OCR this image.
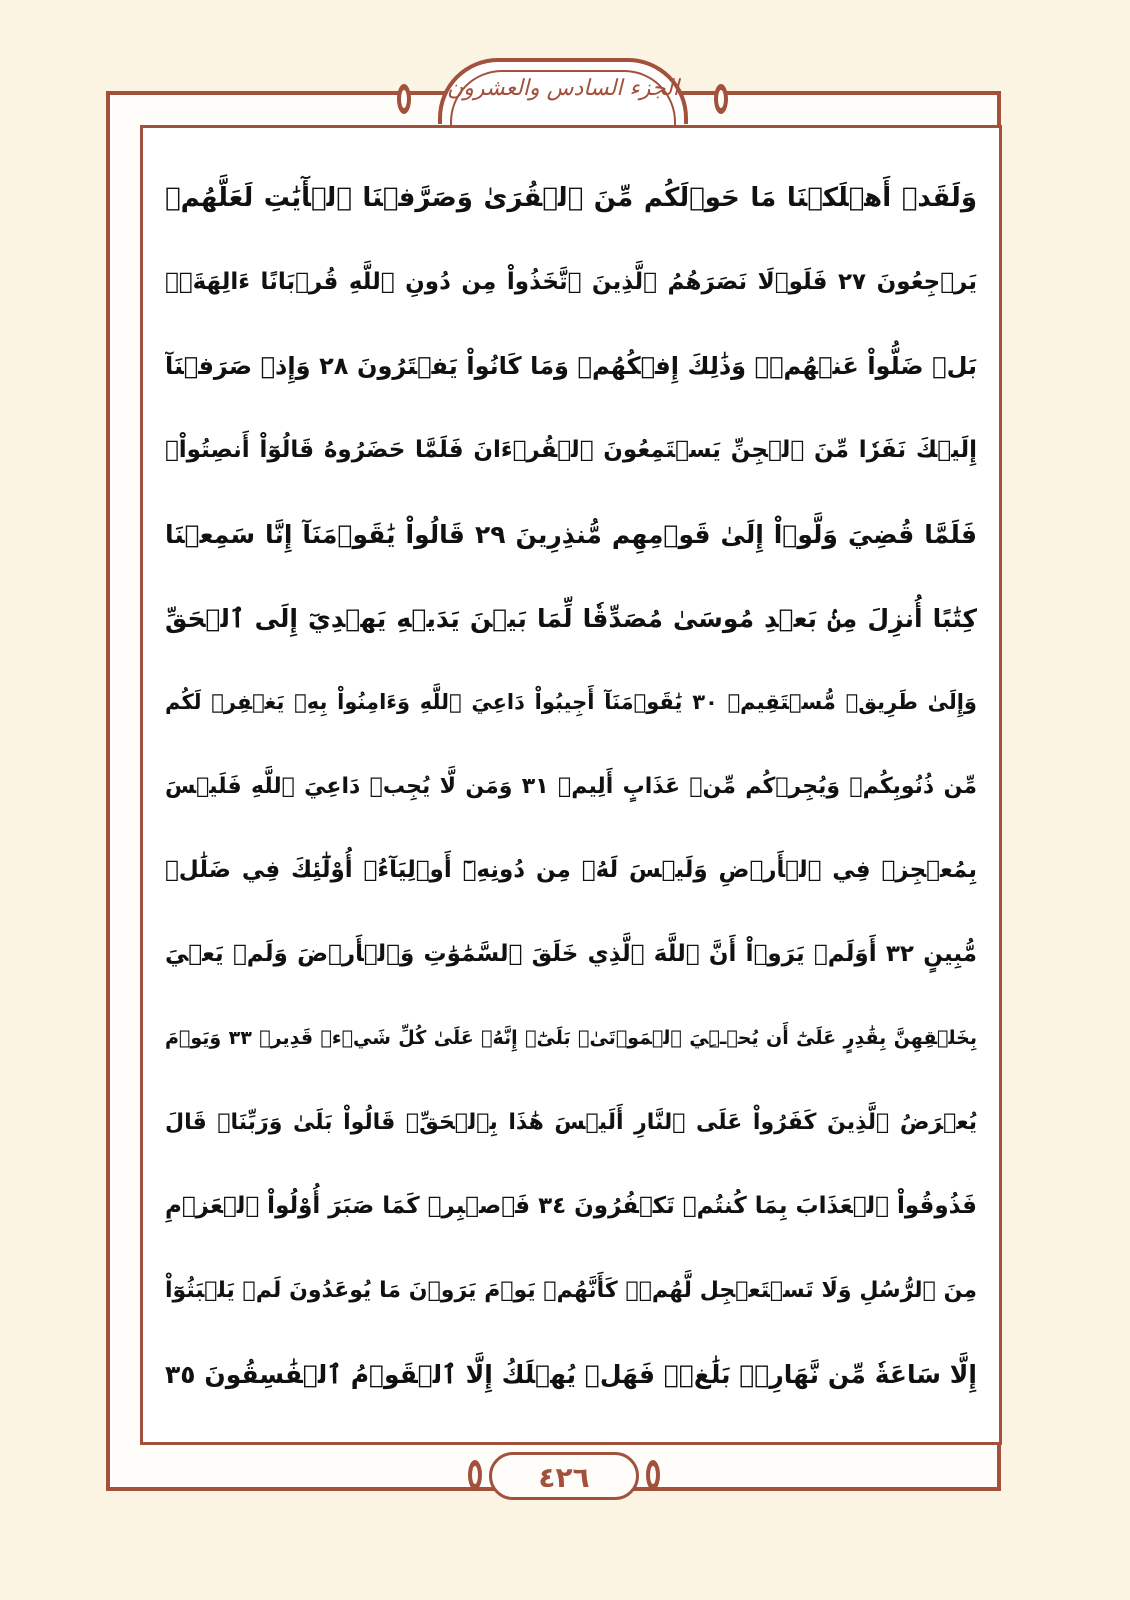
الجزء السادس والعشرون
وَلَقَدۡ أَهۡلَكۡنَا مَا حَوۡلَكُم مِّنَ ٱلۡقُرَىٰ وَصَرَّفۡنَا ٱلۡأٓيَٰتِ لَعَلَّهُمۡ
يَرۡجِعُونَ ٢٧ فَلَوۡلَا نَصَرَهُمُ ٱلَّذِينَ ٱتَّخَذُواْ مِن دُونِ ٱللَّهِ قُرۡبَانًا ءَالِهَةَۢۖ
بَلۡ ضَلُّواْ عَنۡهُمۡۚ وَذَٰلِكَ إِفۡكُهُمۡ وَمَا كَانُواْ يَفۡتَرُونَ ٢٨ وَإِذۡ صَرَفۡنَآ
إِلَيۡكَ نَفَرٗا مِّنَ ٱلۡجِنِّ يَسۡتَمِعُونَ ٱلۡقُرۡءَانَ فَلَمَّا حَضَرُوهُ قَالُوٓاْ أَنصِتُواْۖ
فَلَمَّا قُضِيَ وَلَّوۡاْ إِلَىٰ قَوۡمِهِم مُّنذِرِينَ ٢٩ قَالُواْ يَٰقَوۡمَنَآ إِنَّا سَمِعۡنَا
كِتَٰبًا أُنزِلَ مِنۢ بَعۡدِ مُوسَىٰ مُصَدِّقٗا لِّمَا بَيۡنَ يَدَيۡهِ يَهۡدِيٓ إِلَى ٱلۡحَقِّ
وَإِلَىٰ طَرِيقٖ مُّسۡتَقِيمٖ ٣٠ يَٰقَوۡمَنَآ أَجِيبُواْ دَاعِيَ ٱللَّهِ وَءَامِنُواْ بِهِۦ يَغۡفِرۡ لَكُم
مِّن ذُنُوبِكُمۡ وَيُجِرۡكُم مِّنۡ عَذَابٍ أَلِيمٖ ٣١ وَمَن لَّا يُجِبۡ دَاعِيَ ٱللَّهِ فَلَيۡسَ
بِمُعۡجِزٖ فِي ٱلۡأَرۡضِ وَلَيۡسَ لَهُۥ مِن دُونِهِۦٓ أَوۡلِيَآءُۚ أُوْلَٰٓئِكَ فِي ضَلَٰلٖ
مُّبِينٍ ٣٢ أَوَلَمۡ يَرَوۡاْ أَنَّ ٱللَّهَ ٱلَّذِي خَلَقَ ٱلسَّمَٰوَٰتِ وَٱلۡأَرۡضَ وَلَمۡ يَعۡيَ
بِخَلۡقِهِنَّ بِقَٰدِرٍ عَلَىٰٓ أَن يُحۡـِۧيَ ٱلۡمَوۡتَىٰۚ بَلَىٰٓۚ إِنَّهُۥ عَلَىٰ كُلِّ شَيۡءٖ قَدِيرٞ ٣٣ وَيَوۡمَ
يُعۡرَضُ ٱلَّذِينَ كَفَرُواْ عَلَى ٱلنَّارِ أَلَيۡسَ هَٰذَا بِٱلۡحَقِّۖ قَالُواْ بَلَىٰ وَرَبِّنَاۚ قَالَ
فَذُوقُواْ ٱلۡعَذَابَ بِمَا كُنتُمۡ تَكۡفُرُونَ ٣٤ فَٱصۡبِرۡ كَمَا صَبَرَ أُوْلُواْ ٱلۡعَزۡمِ
مِنَ ٱلرُّسُلِ وَلَا تَسۡتَعۡجِل لَّهُمۡۚ كَأَنَّهُمۡ يَوۡمَ يَرَوۡنَ مَا يُوعَدُونَ لَمۡ يَلۡبَثُوٓاْ
إِلَّا سَاعَةٗ مِّن نَّهَارِۭۚ بَلَٰغٞۚ فَهَلۡ يُهۡلَكُ إِلَّا ٱلۡقَوۡمُ ٱلۡفَٰسِقُونَ ٣٥
٤٢٦
